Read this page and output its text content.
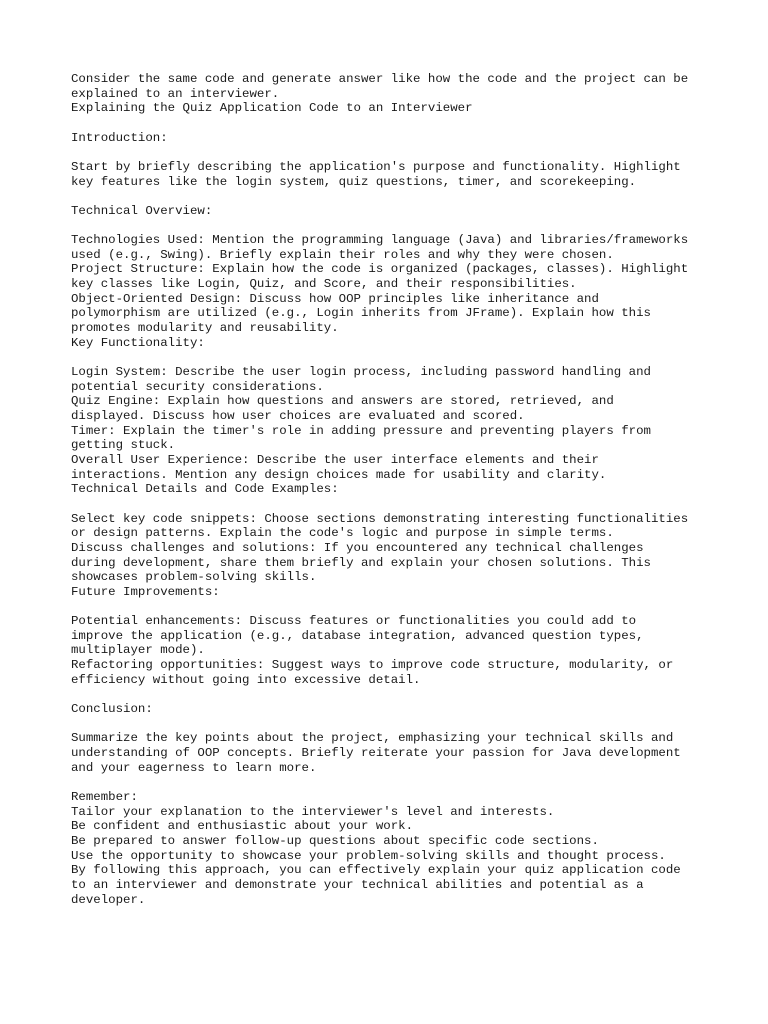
Consider the same code and generate answer like how the code and the project can be
explained to an interviewer.
Explaining the Quiz Application Code to an Interviewer
Introduction:
Start by briefly describing the application's purpose and functionality. Highlight
key features like the login system, quiz questions, timer, and scorekeeping.
Technical Overview:
Technologies Used: Mention the programming language (Java) and libraries/frameworks
used (e.g., Swing). Briefly explain their roles and why they were chosen.
Project Structure: Explain how the code is organized (packages, classes). Highlight
key classes like Login, Quiz, and Score, and their responsibilities.
Object-Oriented Design: Discuss how OOP principles like inheritance and
polymorphism are utilized (e.g., Login inherits from JFrame). Explain how this
promotes modularity and reusability.
Key Functionality:
Login System: Describe the user login process, including password handling and
potential security considerations.
Quiz Engine: Explain how questions and answers are stored, retrieved, and
displayed. Discuss how user choices are evaluated and scored.
Timer: Explain the timer's role in adding pressure and preventing players from
getting stuck.
Overall User Experience: Describe the user interface elements and their
interactions. Mention any design choices made for usability and clarity.
Technical Details and Code Examples:
Select key code snippets: Choose sections demonstrating interesting functionalities
or design patterns. Explain the code's logic and purpose in simple terms.
Discuss challenges and solutions: If you encountered any technical challenges
during development, share them briefly and explain your chosen solutions. This
showcases problem-solving skills.
Future Improvements:
Potential enhancements: Discuss features or functionalities you could add to
improve the application (e.g., database integration, advanced question types,
multiplayer mode).
Refactoring opportunities: Suggest ways to improve code structure, modularity, or
efficiency without going into excessive detail.
Conclusion:
Summarize the key points about the project, emphasizing your technical skills and
understanding of OOP concepts. Briefly reiterate your passion for Java development
and your eagerness to learn more.
Remember:
Tailor your explanation to the interviewer's level and interests.
Be confident and enthusiastic about your work.
Be prepared to answer follow-up questions about specific code sections.
Use the opportunity to showcase your problem-solving skills and thought process.
By following this approach, you can effectively explain your quiz application code
to an interviewer and demonstrate your technical abilities and potential as a
developer.
